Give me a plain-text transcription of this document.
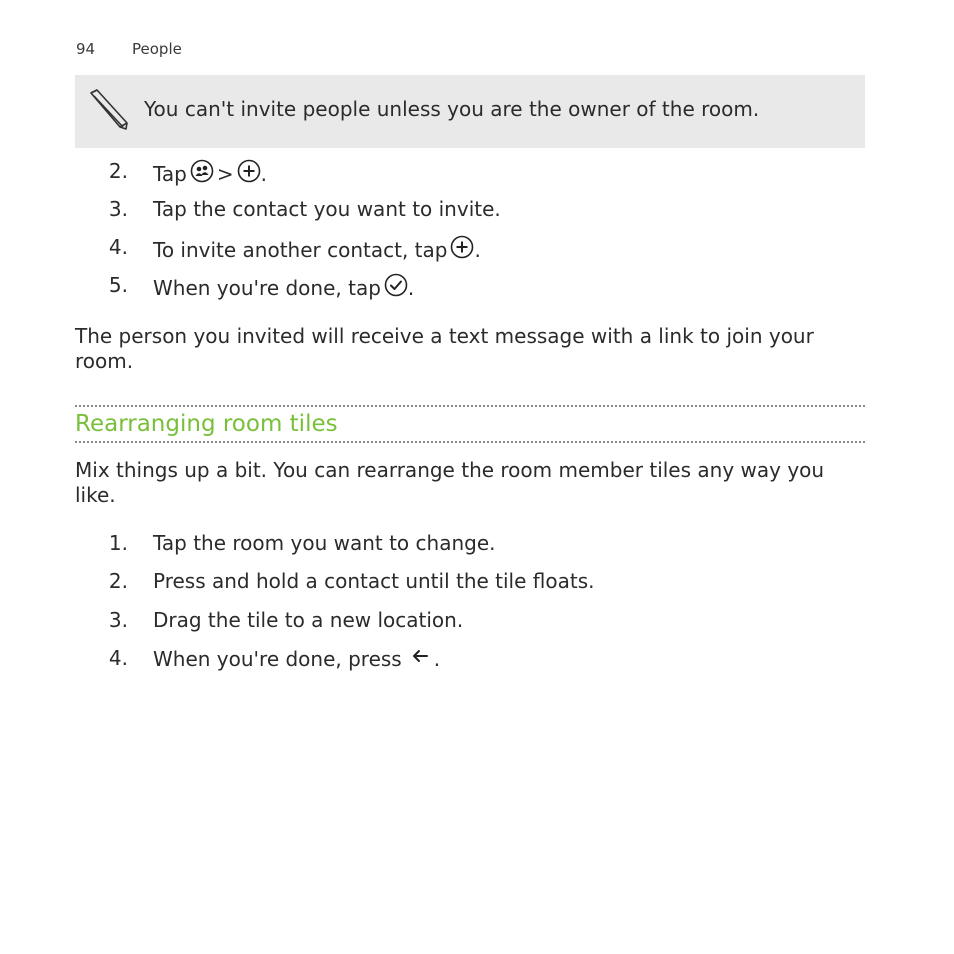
94 People
You can't invite people unless you are the owner of the room.
2. Tap > .
3. Tap the contact you want to invite.
4. To invite another contact, tap .
5. When you're done, tap .

The person you invited will receive a text message with a link to join your room.

Rearranging room tiles

Mix things up a bit. You can rearrange the room member tiles any way you like.

1. Tap the room you want to change.
2. Press and hold a contact until the tile floats.
3. Drag the tile to a new location.
4. When you're done, press .
